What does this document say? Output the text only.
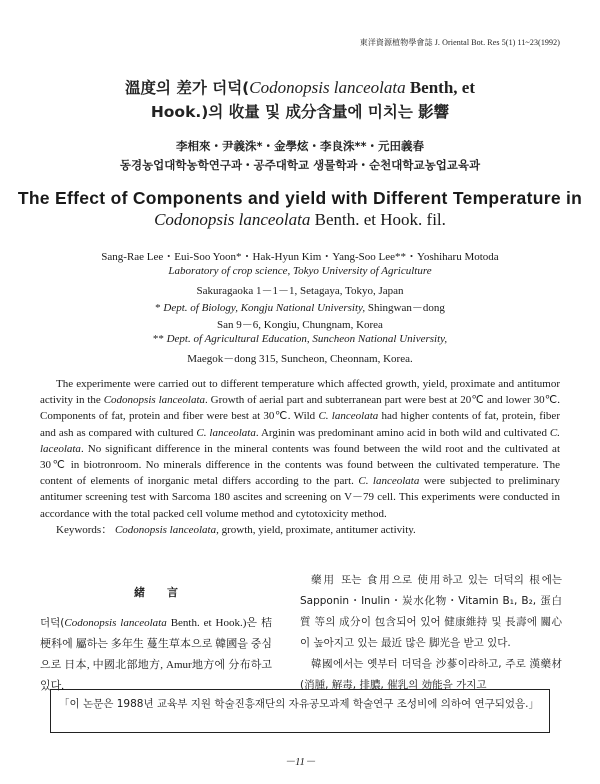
東洋資源植物學會誌 J. Oriental Bot. Res 5(1) 11~23(1992)
溫度의 差가 더덕(Codonopsis lanceolata Benth, et
Hook.)의 收量 및 成分含量에 미치는 影響
李相來・尹義洙*・金學炫・李良洙**・元田義春
동경농업대학농학연구과・공주대학교 생물학과・순천대학교농업교육과
The Effect of Components and yield with Different Temperature in
Codonopsis lanceolata Benth. et Hook. fil.
Sang-Rae Lee・Eui-Soo Yoon*・Hak-Hyun Kim・Yang-Soo Lee**・Yoshiharu Motoda
Laboratory of crop science, Tokyo University of Agriculture
Sakuragaoka 1－1－1, Setagaya, Tokyo, Japan
* Dept. of Biology, Kongju National University, Shingwan－dong
San 9－6, Kongiu, Chungnam, Korea
** Dept. of Agricultural Education, Suncheon National University,
Maegok－dong 315, Suncheon, Cheonnam, Korea.

The experimente were carried out to different temperature which affected growth, yield, proximate and antitumor activity in the Codonopsis lanceolata. Growth of aerial part and subterranean part were best at 20℃ and lower 30℃. Components of fat, protein and fiber were best at 30℃. Wild C. lanceolata had higher contents of fat, protein, fiber and ash as compared with cultured C. lanceolata. Arginin was predominant amino acid in both wild and cultivated C. laceolata. No significant difference in the mineral contents was found between the wild root and the cultivated at 30℃ in biotronroom. No minerals difference in the contents was found between the cultivated temperature. The content of elements of inorganic metal differs according to the part. C. lanceolata were subjected to preliminary antitumer screening test with Sarcoma 180 ascites and screening on V－79 cell. This experiments were conducted in accordance with the total packed cell volume method and cytotoxicity method.

Keywords： Codonopsis lanceolata, growth, yield, proximate, antitumer activity.

緒　　言

더덕(Codonopsis lanceolata Benth. et Hook.)은 桔梗科에 屬하는 多年生 蔓生草本으로 韓國을 중심으로 日本, 中國北部地方, Amur地方에 分布하고 있다.

藥用 또는 食用으로 使用하고 있는 더덕의 根에는 Sapponin・Inulin・炭水化物・Vitamin B₁, B₂, 蛋白質 等의 成分이 包含되어 있어 健康維持 및 長壽에 關心이 높아지고 있는 最近 많은 脚光을 받고 있다.

韓國에서는 옛부터 더덕을 沙蔘이라하고, 주로 漢藥材(消腫, 解毒, 排膿, 催乳의 効能을 가지고

「이 논문은 1988년 교육부 지원 학술진흥재단의 자유공모과제 학술연구 조성비에 의하여 연구되었음.」
－11－
